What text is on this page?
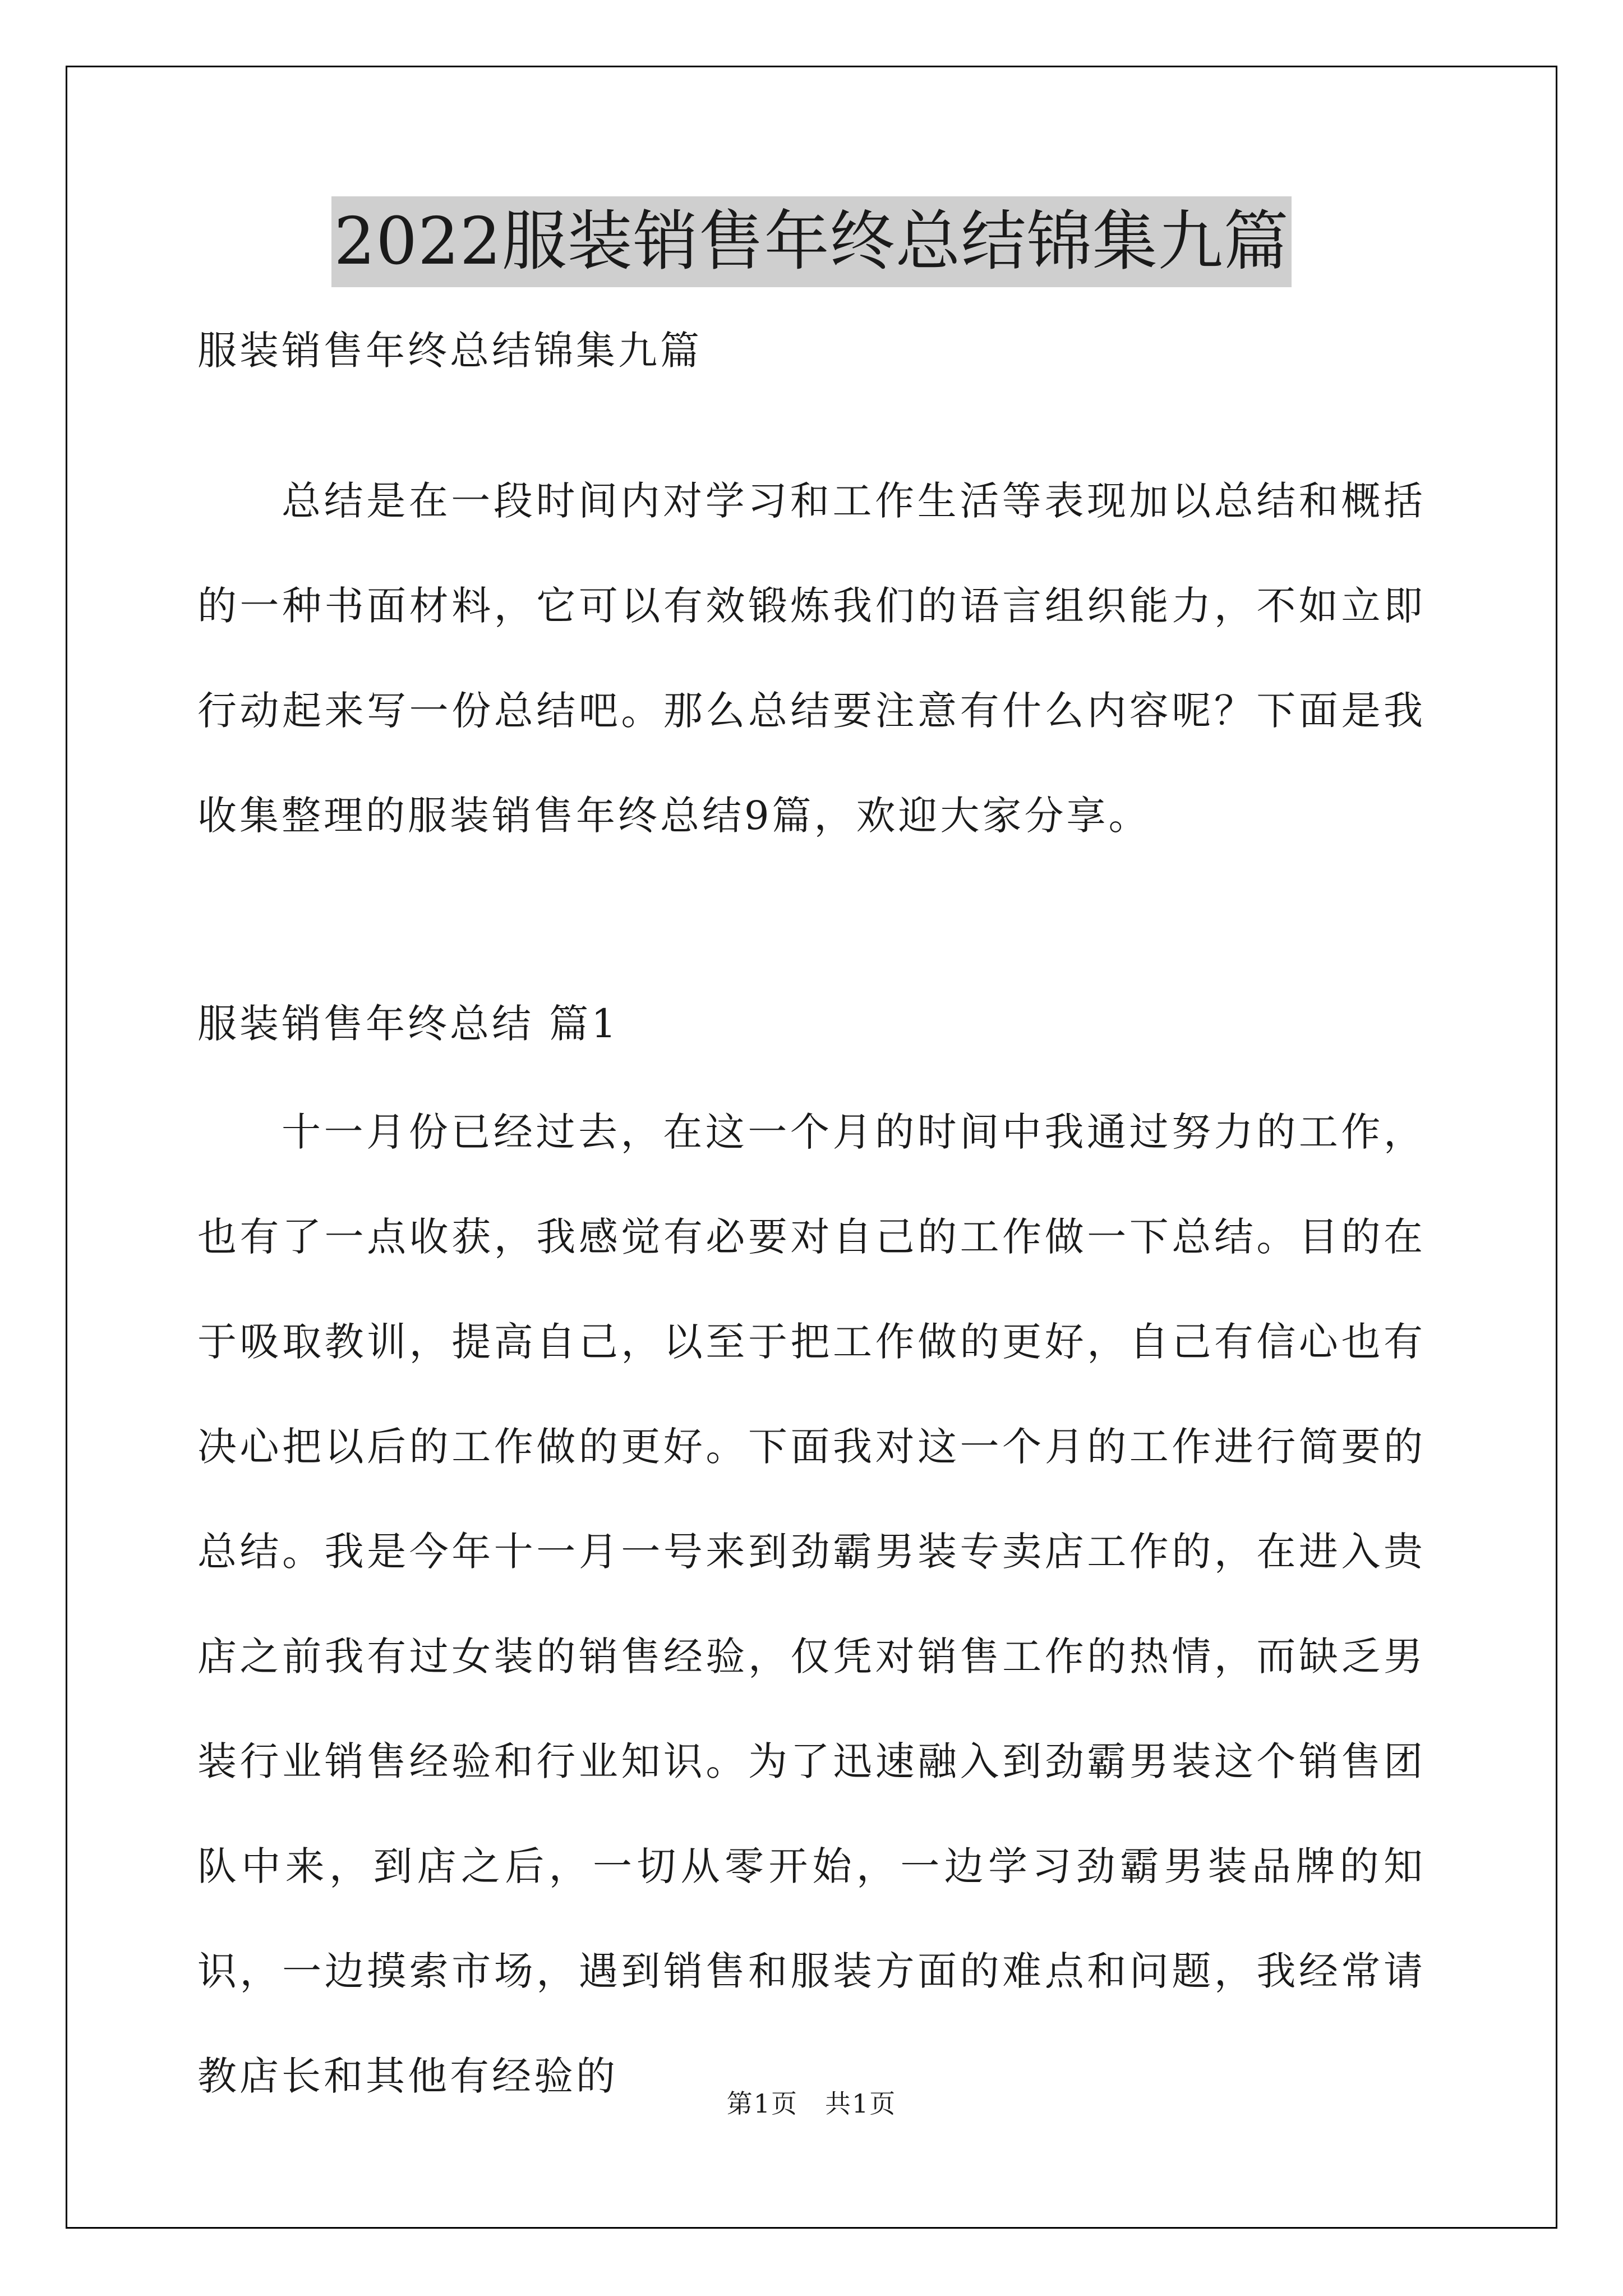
2022服装销售年终总结锦集九篇
服装销售年终总结锦集九篇
总结是在一段时间内对学习和工作生活等表现加以总结和概括的一种书面材料，它可以有效锻炼我们的语言组织能力，不如立即行动起来写一份总结吧。那么总结要注意有什么内容呢？下面是我收集整理的服装销售年终总结9篇，欢迎大家分享。
服装销售年终总结 篇1
十一月份已经过去，在这一个月的时间中我通过努力的工作，也有了一点收获，我感觉有必要对自己的工作做一下总结。目的在于吸取教训，提高自己，以至于把工作做的更好，自己有信心也有决心把以后的工作做的更好。下面我对这一个月的工作进行简要的总结。我是今年十一月一号来到劲霸男装专卖店工作的，在进入贵店之前我有过女装的销售经验，仅凭对销售工作的热情，而缺乏男装行业销售经验和行业知识。为了迅速融入到劲霸男装这个销售团队中来，到店之后，一切从零开始，一边学习劲霸男装品牌的知识，一边摸索市场，遇到销售和服装方面的难点和问题，我经常请教店长和其他有经验的
第1页　共1页
